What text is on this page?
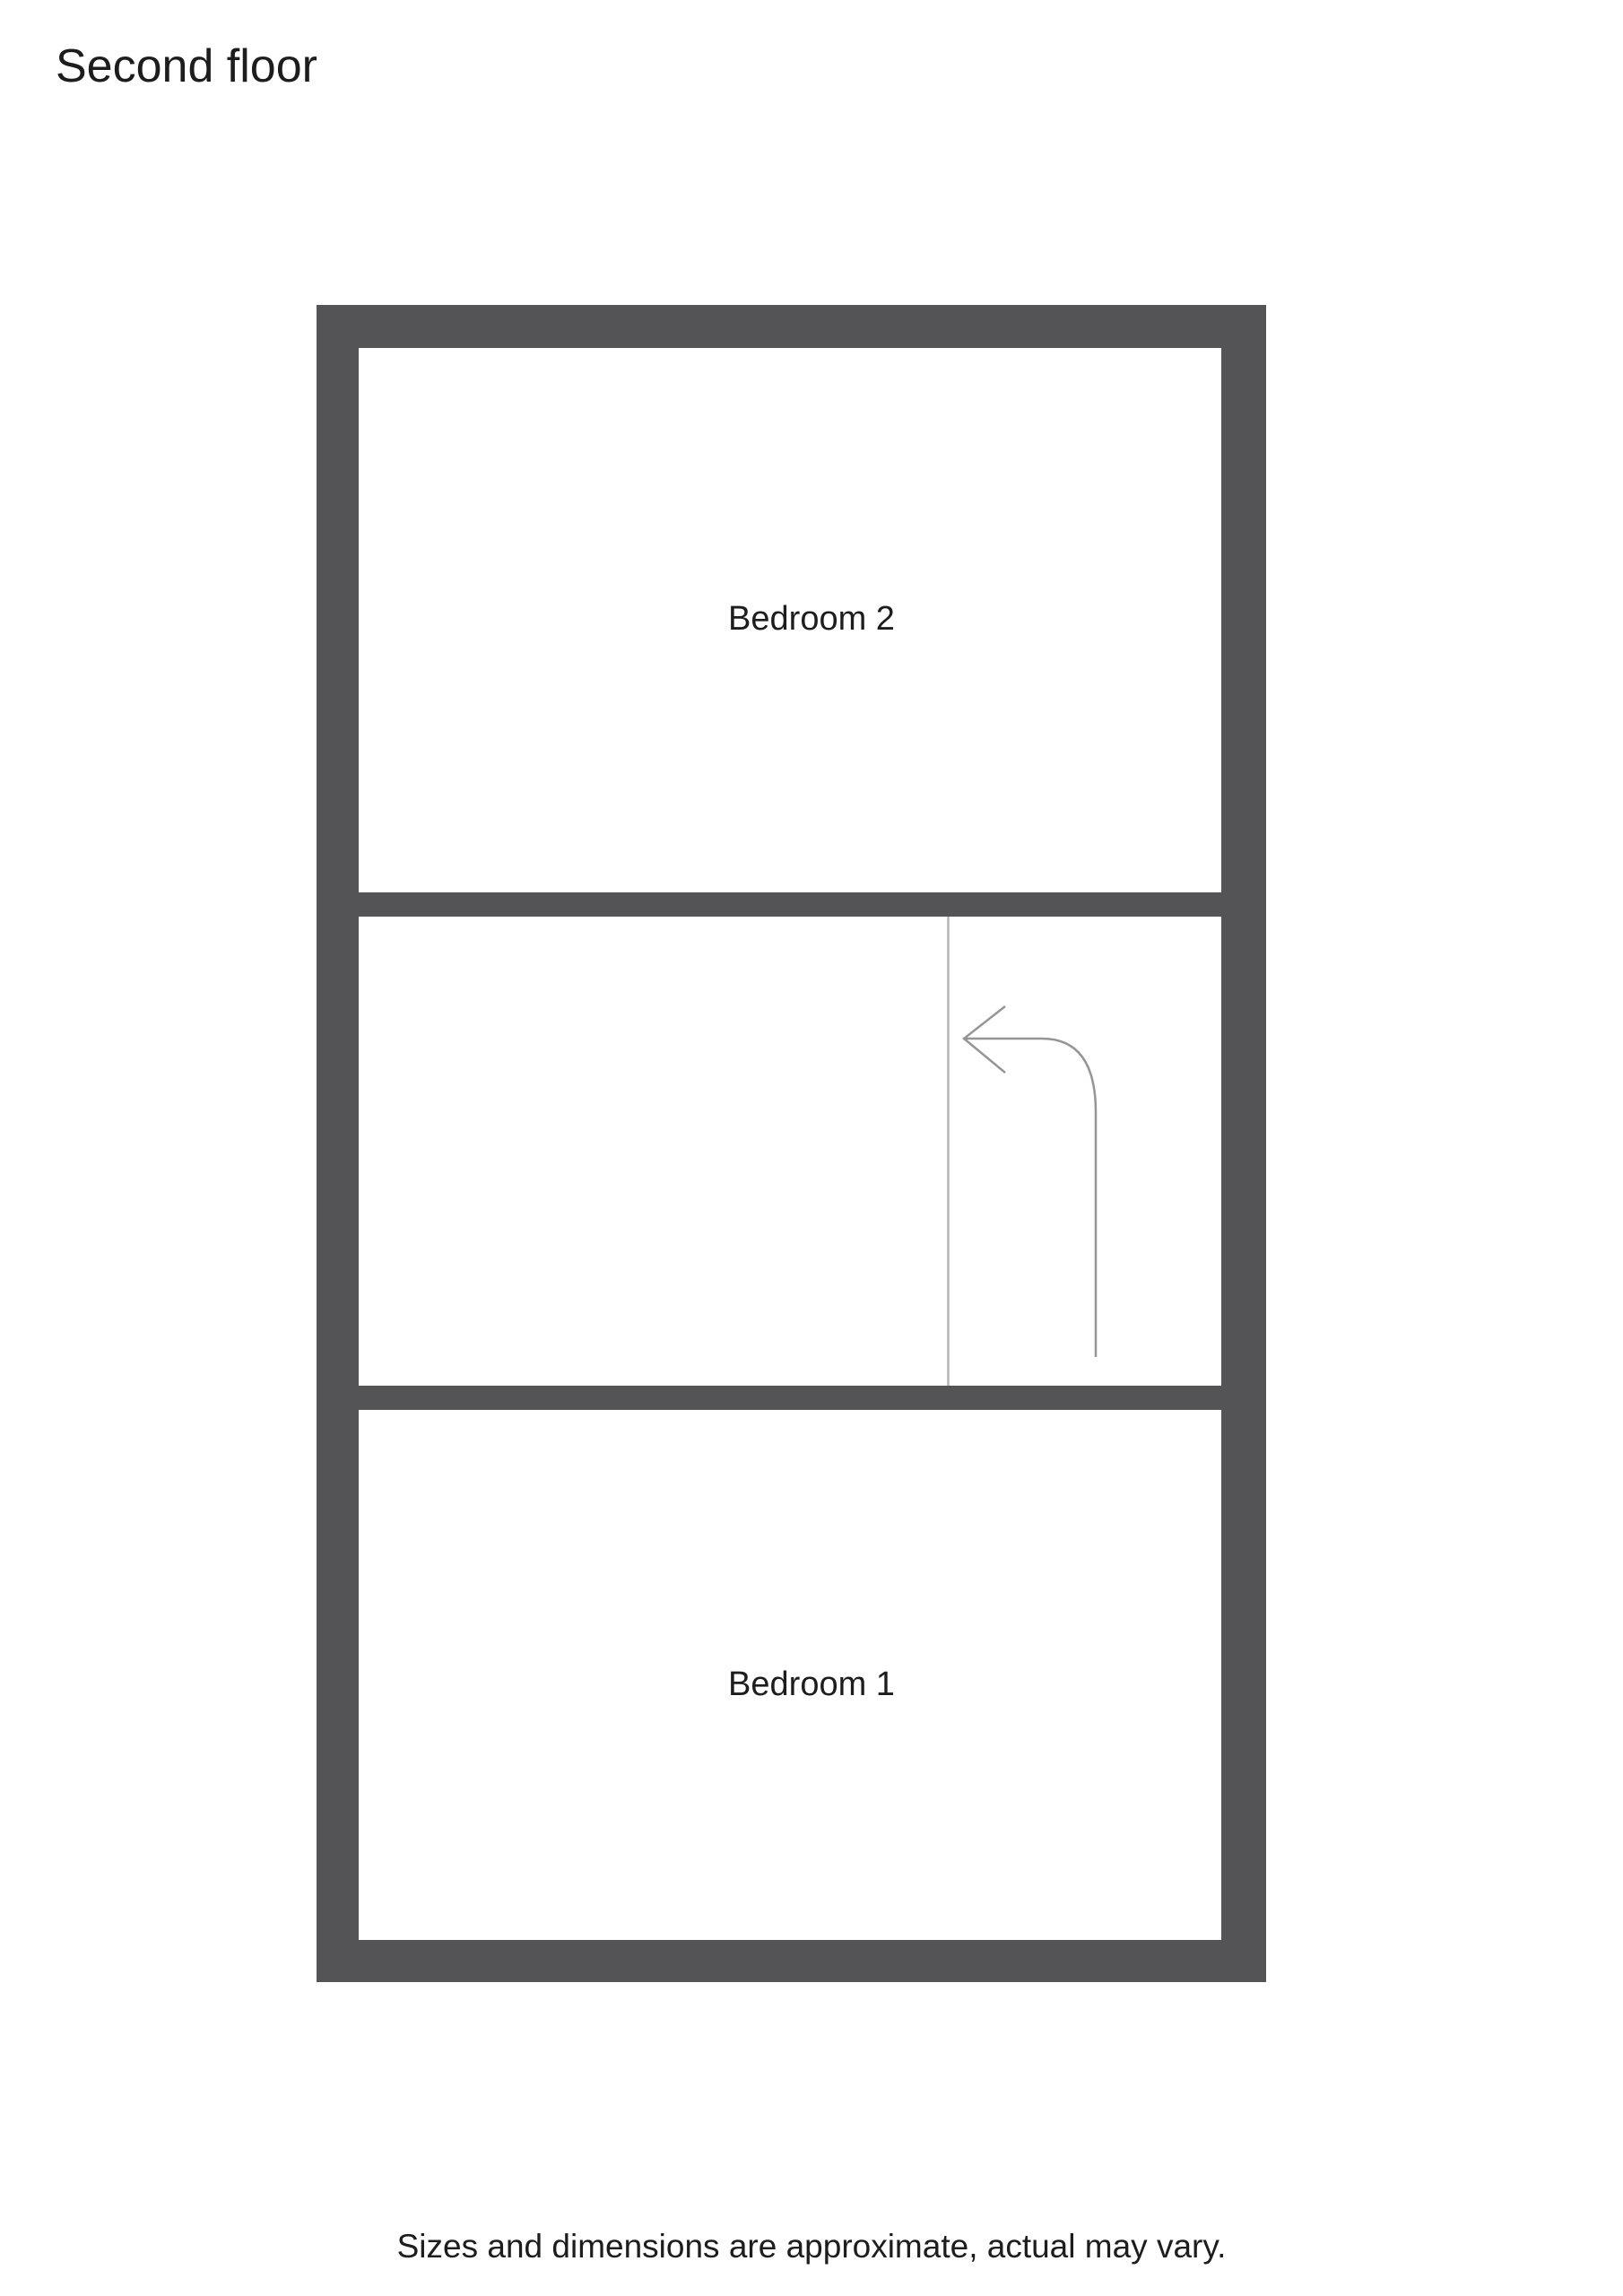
Second floor
Bedroom 2
Bedroom 1
Sizes and dimensions are approximate, actual may vary.
